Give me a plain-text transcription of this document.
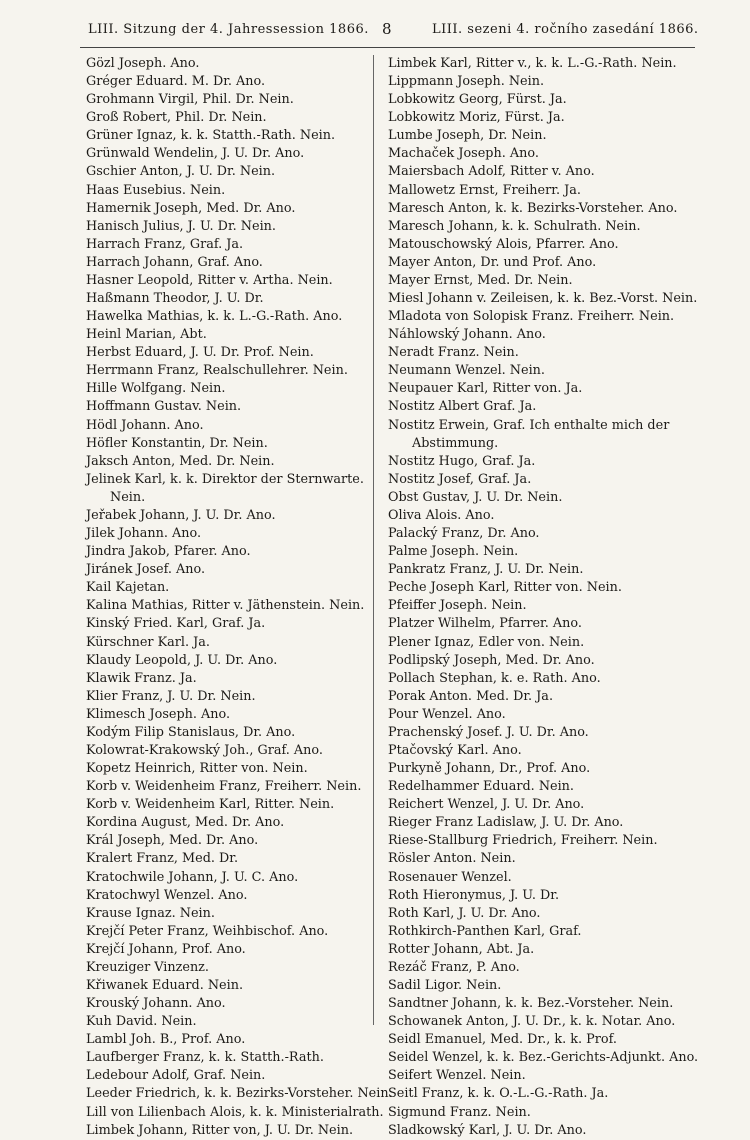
LIII. Sitzung der 4. Jahressession 1866. 8	LIII. sezeni 4. ročního zasedání 1866.
Gözl Joseph. Ano.
Gréger Eduard. M. Dr. Ano.
Grohmann Virgil, Phil. Dr. Nein.
Groß Robert, Phil. Dr. Nein.
Grüner Ignaz, k. k. Statth.-Rath. Nein.
Grünwald Wendelin, J. U. Dr. Ano.
Gschier Anton, J. U. Dr. Nein.
Haas Eusebius. Nein.
Hamernik Joseph, Med. Dr. Ano.
Hanisch Julius, J. U. Dr. Nein.
Harrach Franz, Graf. Ja.
Harrach Johann, Graf. Ano.
Hasner Leopold, Ritter v. Artha. Nein.
Haßmann Theodor, J. U. Dr.
Hawelka Mathias, k. k. L.-G.-Rath. Ano.
Heinl Marian, Abt.
Herbst Eduard, J. U. Dr. Prof. Nein.
Herrmann Franz, Realschullehrer. Nein.
Hille Wolfgang. Nein.
Hoffmann Gustav. Nein.
Hödl Johann. Ano.
Höfler Konstantin, Dr. Nein.
Jaksch Anton, Med. Dr. Nein.
Jelinek Karl, k. k. Direktor der Sternwarte.
Nein.
Jeřabek Johann, J. U. Dr. Ano.
Jilek Johann. Ano.
Jindra Jakob, Pfarer. Ano.
Jiránek Josef. Ano.
Kail Kajetan.
Kalina Mathias, Ritter v. Jäthenstein. Nein.
Kinský Fried. Karl, Graf. Ja.
Kürschner Karl. Ja.
Klaudy Leopold, J. U. Dr. Ano.
Klawik Franz. Ja.
Klier Franz, J. U. Dr. Nein.
Klimesch Joseph. Ano.
Kodým Filip Stanislaus, Dr. Ano.
Kolowrat-Krakowský Joh., Graf. Ano.
Kopetz Heinrich, Ritter von. Nein.
Korb v. Weidenheim Franz, Freiherr. Nein.
Korb v. Weidenheim Karl, Ritter. Nein.
Kordina August, Med. Dr. Ano.
Král Joseph, Med. Dr. Ano.
Kralert Franz, Med. Dr.
Kratochwile Johann, J. U. C. Ano.
Kratochwyl Wenzel. Ano.
Krause Ignaz. Nein.
Krejčí Peter Franz, Weihbischof. Ano.
Krejčí Johann, Prof. Ano.
Kreuziger Vinzenz.
Křiwanek Eduard. Nein.
Krouský Johann. Ano.
Kuh David. Nein.
Lambl Joh. B., Prof. Ano.
Laufberger Franz, k. k. Statth.-Rath.
Ledebour Adolf, Graf. Nein.
Leeder Friedrich, k. k. Bezirks-Vorsteher. Nein.
Lill von Lilienbach Alois, k. k. Ministerialrath.
Limbek Johann, Ritter von, J. U. Dr. Nein.
Limbek Karl, Ritter v., k. k. L.-G.-Rath. Nein.
Lippmann Joseph. Nein.
Lobkowitz Georg, Fürst. Ja.
Lobkowitz Moriz, Fürst. Ja.
Lumbe Joseph, Dr. Nein.
Machaček Joseph. Ano.
Maiersbach Adolf, Ritter v. Ano.
Mallowetz Ernst, Freiherr. Ja.
Maresch Anton, k. k. Bezirks-Vorsteher. Ano.
Maresch Johann, k. k. Schulrath. Nein.
Matouschowský Alois, Pfarrer. Ano.
Mayer Anton, Dr. und Prof. Ano.
Mayer Ernst, Med. Dr. Nein.
Miesl Johann v. Zeileisen, k. k. Bez.-Vorst. Nein.
Mladota von Solopisk Franz. Freiherr. Nein.
Náhlowský Johann. Ano.
Neradt Franz. Nein.
Neumann Wenzel. Nein.
Neupauer Karl, Ritter von. Ja.
Nostitz Albert Graf. Ja.
Nostitz Erwein, Graf. Ich enthalte mich der
Abstimmung.
Nostitz Hugo, Graf. Ja.
Nostitz Josef, Graf. Ja.
Obst Gustav, J. U. Dr. Nein.
Oliva Alois. Ano.
Palacký Franz, Dr. Ano.
Palme Joseph. Nein.
Pankratz Franz, J. U. Dr. Nein.
Peche Joseph Karl, Ritter von. Nein.
Pfeiffer Joseph. Nein.
Platzer Wilhelm, Pfarrer. Ano.
Plener Ignaz, Edler von. Nein.
Podlipský Joseph, Med. Dr. Ano.
Pollach Stephan, k. e. Rath. Ano.
Porak Anton. Med. Dr. Ja.
Pour Wenzel. Ano.
Prachenský Josef. J. U. Dr. Ano.
Ptačovský Karl. Ano.
Purkyně Johann, Dr., Prof. Ano.
Redelhammer Eduard. Nein.
Reichert Wenzel, J. U. Dr. Ano.
Rieger Franz Ladislaw, J. U. Dr. Ano.
Riese-Stallburg Friedrich, Freiherr. Nein.
Rösler Anton. Nein.
Rosenauer Wenzel.
Roth Hieronymus, J. U. Dr.
Roth Karl, J. U. Dr. Ano.
Rothkirch-Panthen Karl, Graf.
Rotter Johann, Abt. Ja.
Rezáč Franz, P. Ano.
Sadil Ligor. Nein.
Sandtner Johann, k. k. Bez.-Vorsteher. Nein.
Schowanek Anton, J. U. Dr., k. k. Notar. Ano.
Seidl Emanuel, Med. Dr., k. k. Prof.
Seidel Wenzel, k. k. Bez.-Gerichts-Adjunkt. Ano.
Seifert Wenzel. Nein.
Seitl Franz, k. k. O.-L.-G.-Rath. Ja.
Sigmund Franz. Nein.
Sladkowský Karl, J. U. Dr. Ano.
